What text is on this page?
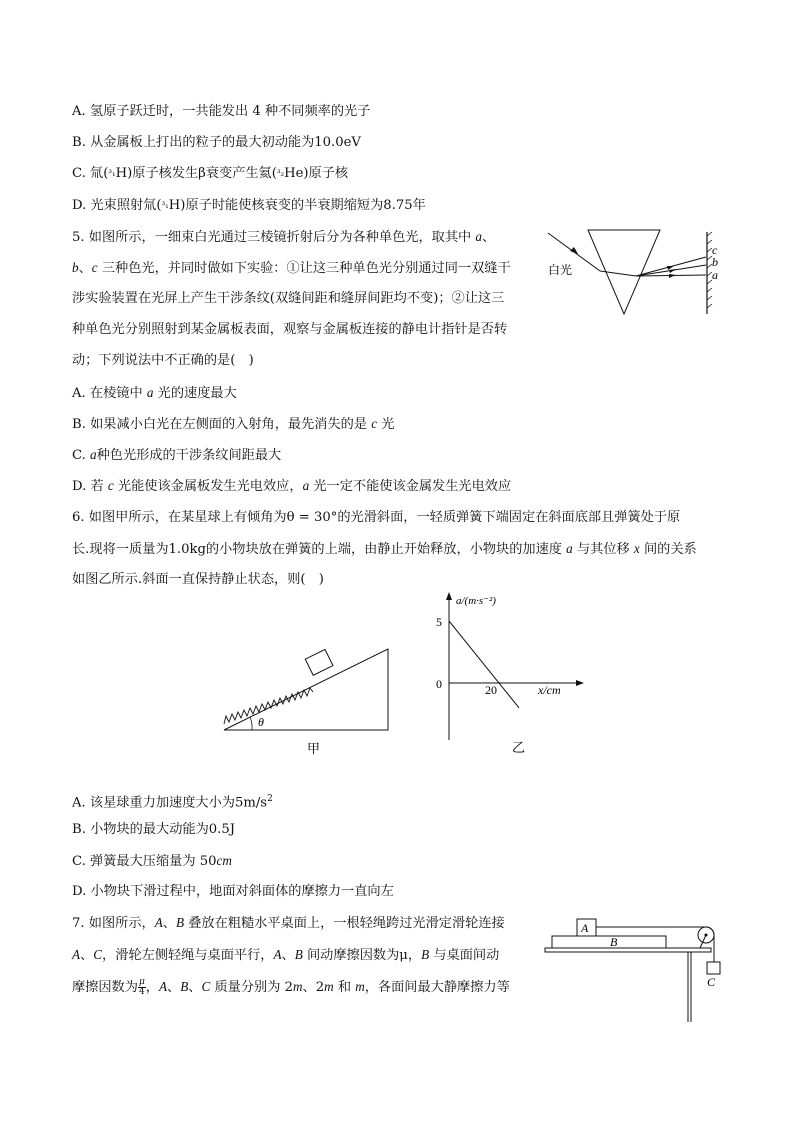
A. 氢原子跃迁时，一共能发出 4 种不同频率的光子
B. 从金属板上打出的粒子的最大初动能为10.0eV
C. 氚(³₁H)原子核发生β衰变产生氦(³₂He)原子核
D. 光束照射氚(³₁H)原子时能使核衰变的半衰期缩短为8.75年
5. 如图所示，一细束白光通过三棱镜折射后分为各种单色光，取其中 a、
b、c 三种色光，并同时做如下实验：①让这三种单色光分别通过同一双缝干
涉实验装置在光屏上产生干涉条纹(双缝间距和缝屏间距均不变)；②让这三
种单色光分别照射到某金属板表面，观察与金属板连接的静电计指针是否转
动；下列说法中不正确的是(　)
白光
c
b
a
A. 在棱镜中 a 光的速度最大
B. 如果减小白光在左侧面的入射角，最先消失的是 c 光
C. a种色光形成的干涉条纹间距最大
D. 若 c 光能使该金属板发生光电效应，a 光一定不能使该金属发生光电效应
6. 如图甲所示，在某星球上有倾角为θ = 30°的光滑斜面，一轻质弹簧下端固定在斜面底部且弹簧处于原
长.现将一质量为1.0kg的小物块放在弹簧的上端，由静止开始释放，小物块的加速度 a 与其位移 x 间的关系
如图乙所示.斜面一直保持静止状态，则(　)
θ
甲
a/(m·s⁻²)
5
0	20	x/cm
乙
A. 该星球重力加速度大小为$5m/s^2$
B. 小物块的最大动能为0.5J
C. 弹簧最大压缩量为 50cm
D. 小物块下滑过程中，地面对斜面体的摩擦力一直向左
7. 如图所示，A、B 叠放在粗糙水平桌面上，一根轻绳跨过光滑定滑轮连接
A、C，滑轮左侧轻绳与桌面平行，A、B 间动摩擦因数为μ，B 与桌面间动
摩擦因数为 $\frac{\mu}{4}$ ，A、B、C 质量分别为 2m、2m 和 m，各面间最大静摩擦力等
A
B
C
